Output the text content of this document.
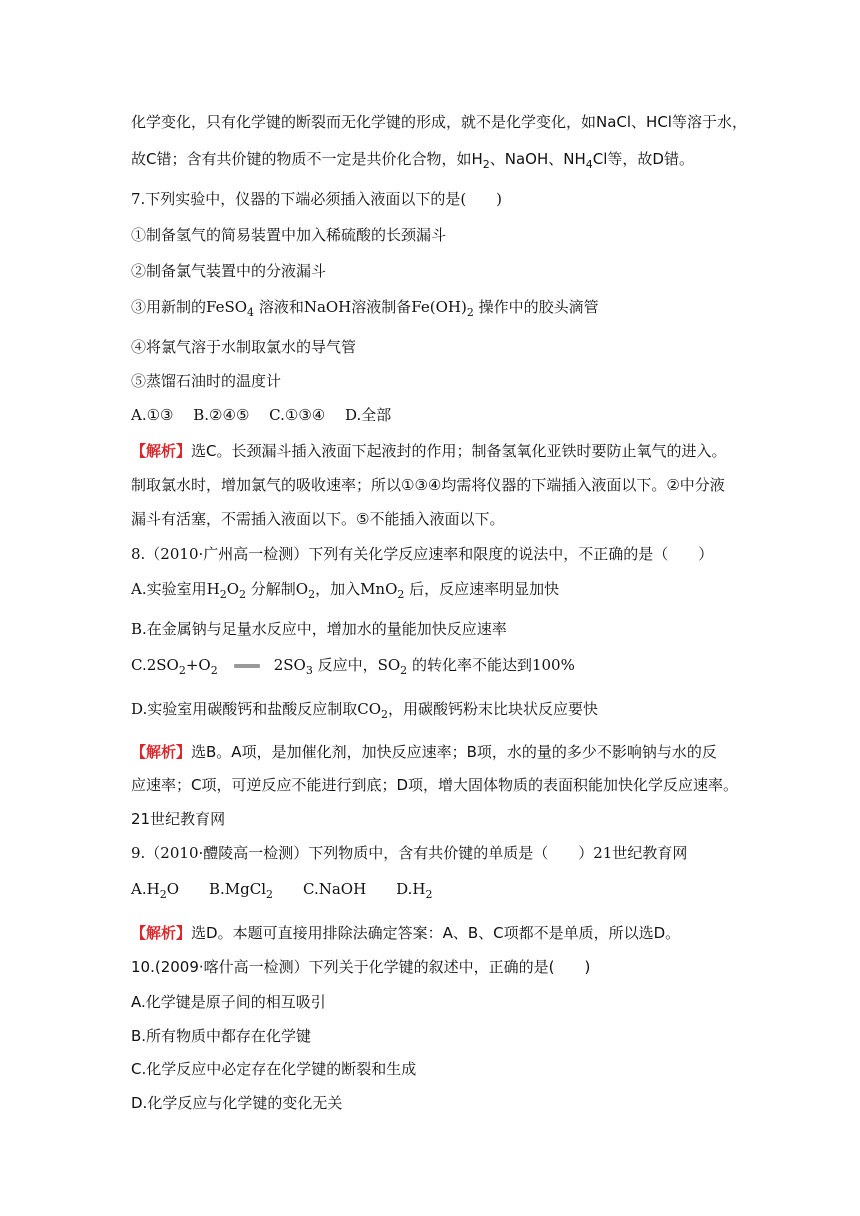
化学变化，只有化学键的断裂而无化学键的形成，就不是化学变化，如NaCl、HCl等溶于水，
故C错；含有共价键的物质不一定是共价化合物，如$H_2$、NaOH、$NH_4Cl$等，故D错。
7.下列实验中，仪器的下端必须插入液面以下的是(　　)
①制备氢气的简易装置中加入稀硫酸的长颈漏斗
②制备氯气装置中的分液漏斗
③用新制的FeSO$_4$ 溶液和NaOH溶液制备$Fe(OH)_2$ 操作中的胶头滴管
④将氯气溶于水制取氯水的导气管
⑤蒸馏石油时的温度计
A.①③　 B.②④⑤　 C.①③④　 D.全部
【解析】选C。长颈漏斗插入液面下起液封的作用；制备氢氧化亚铁时要防止氧气的进入。
制取氯水时，增加氯气的吸收速率；所以①③④均需将仪器的下端插入液面以下。②中分液
漏斗有活塞，不需插入液面以下。⑤不能插入液面以下。
8.（2010·广州高一检测）下列有关化学反应速率和限度的说法中，不正确的是（　　）
A.实验室用$H_2O_2$ 分解制$O_2$，加入MnO$_2$ 后，反应速率明显加快
B.在金属钠与足量水反应中，增加水的量能加快反应速率
$C.2SO_2+O_2$	$2SO_3$ 反应中，$SO_2$ 的转化率不能达到100%
D.实验室用碳酸钙和盐酸反应制取$CO_2$，用碳酸钙粉末比块状反应要快
【解析】选B。A项，是加催化剂，加快反应速率；B项，水的量的多少不影响钠与水的反
应速率；C项，可逆反应不能进行到底；D项，增大固体物质的表面积能加快化学反应速率。
21世纪教育网
9.（2010·醴陵高一检测）下列物质中，含有共价键的单质是（　　）21世纪教育网
$A.H_2O$　　B.MgCl$_2$　　C.NaOH　　$D.H_2$
【解析】选D。本题可直接用排除法确定答案：A、B、C项都不是单质，所以选D。
10.(2009·喀什高一检测）下列关于化学键的叙述中，正确的是(　　)
A.化学键是原子间的相互吸引
B.所有物质中都存在化学键
C.化学反应中必定存在化学键的断裂和生成
D.化学反应与化学键的变化无关
